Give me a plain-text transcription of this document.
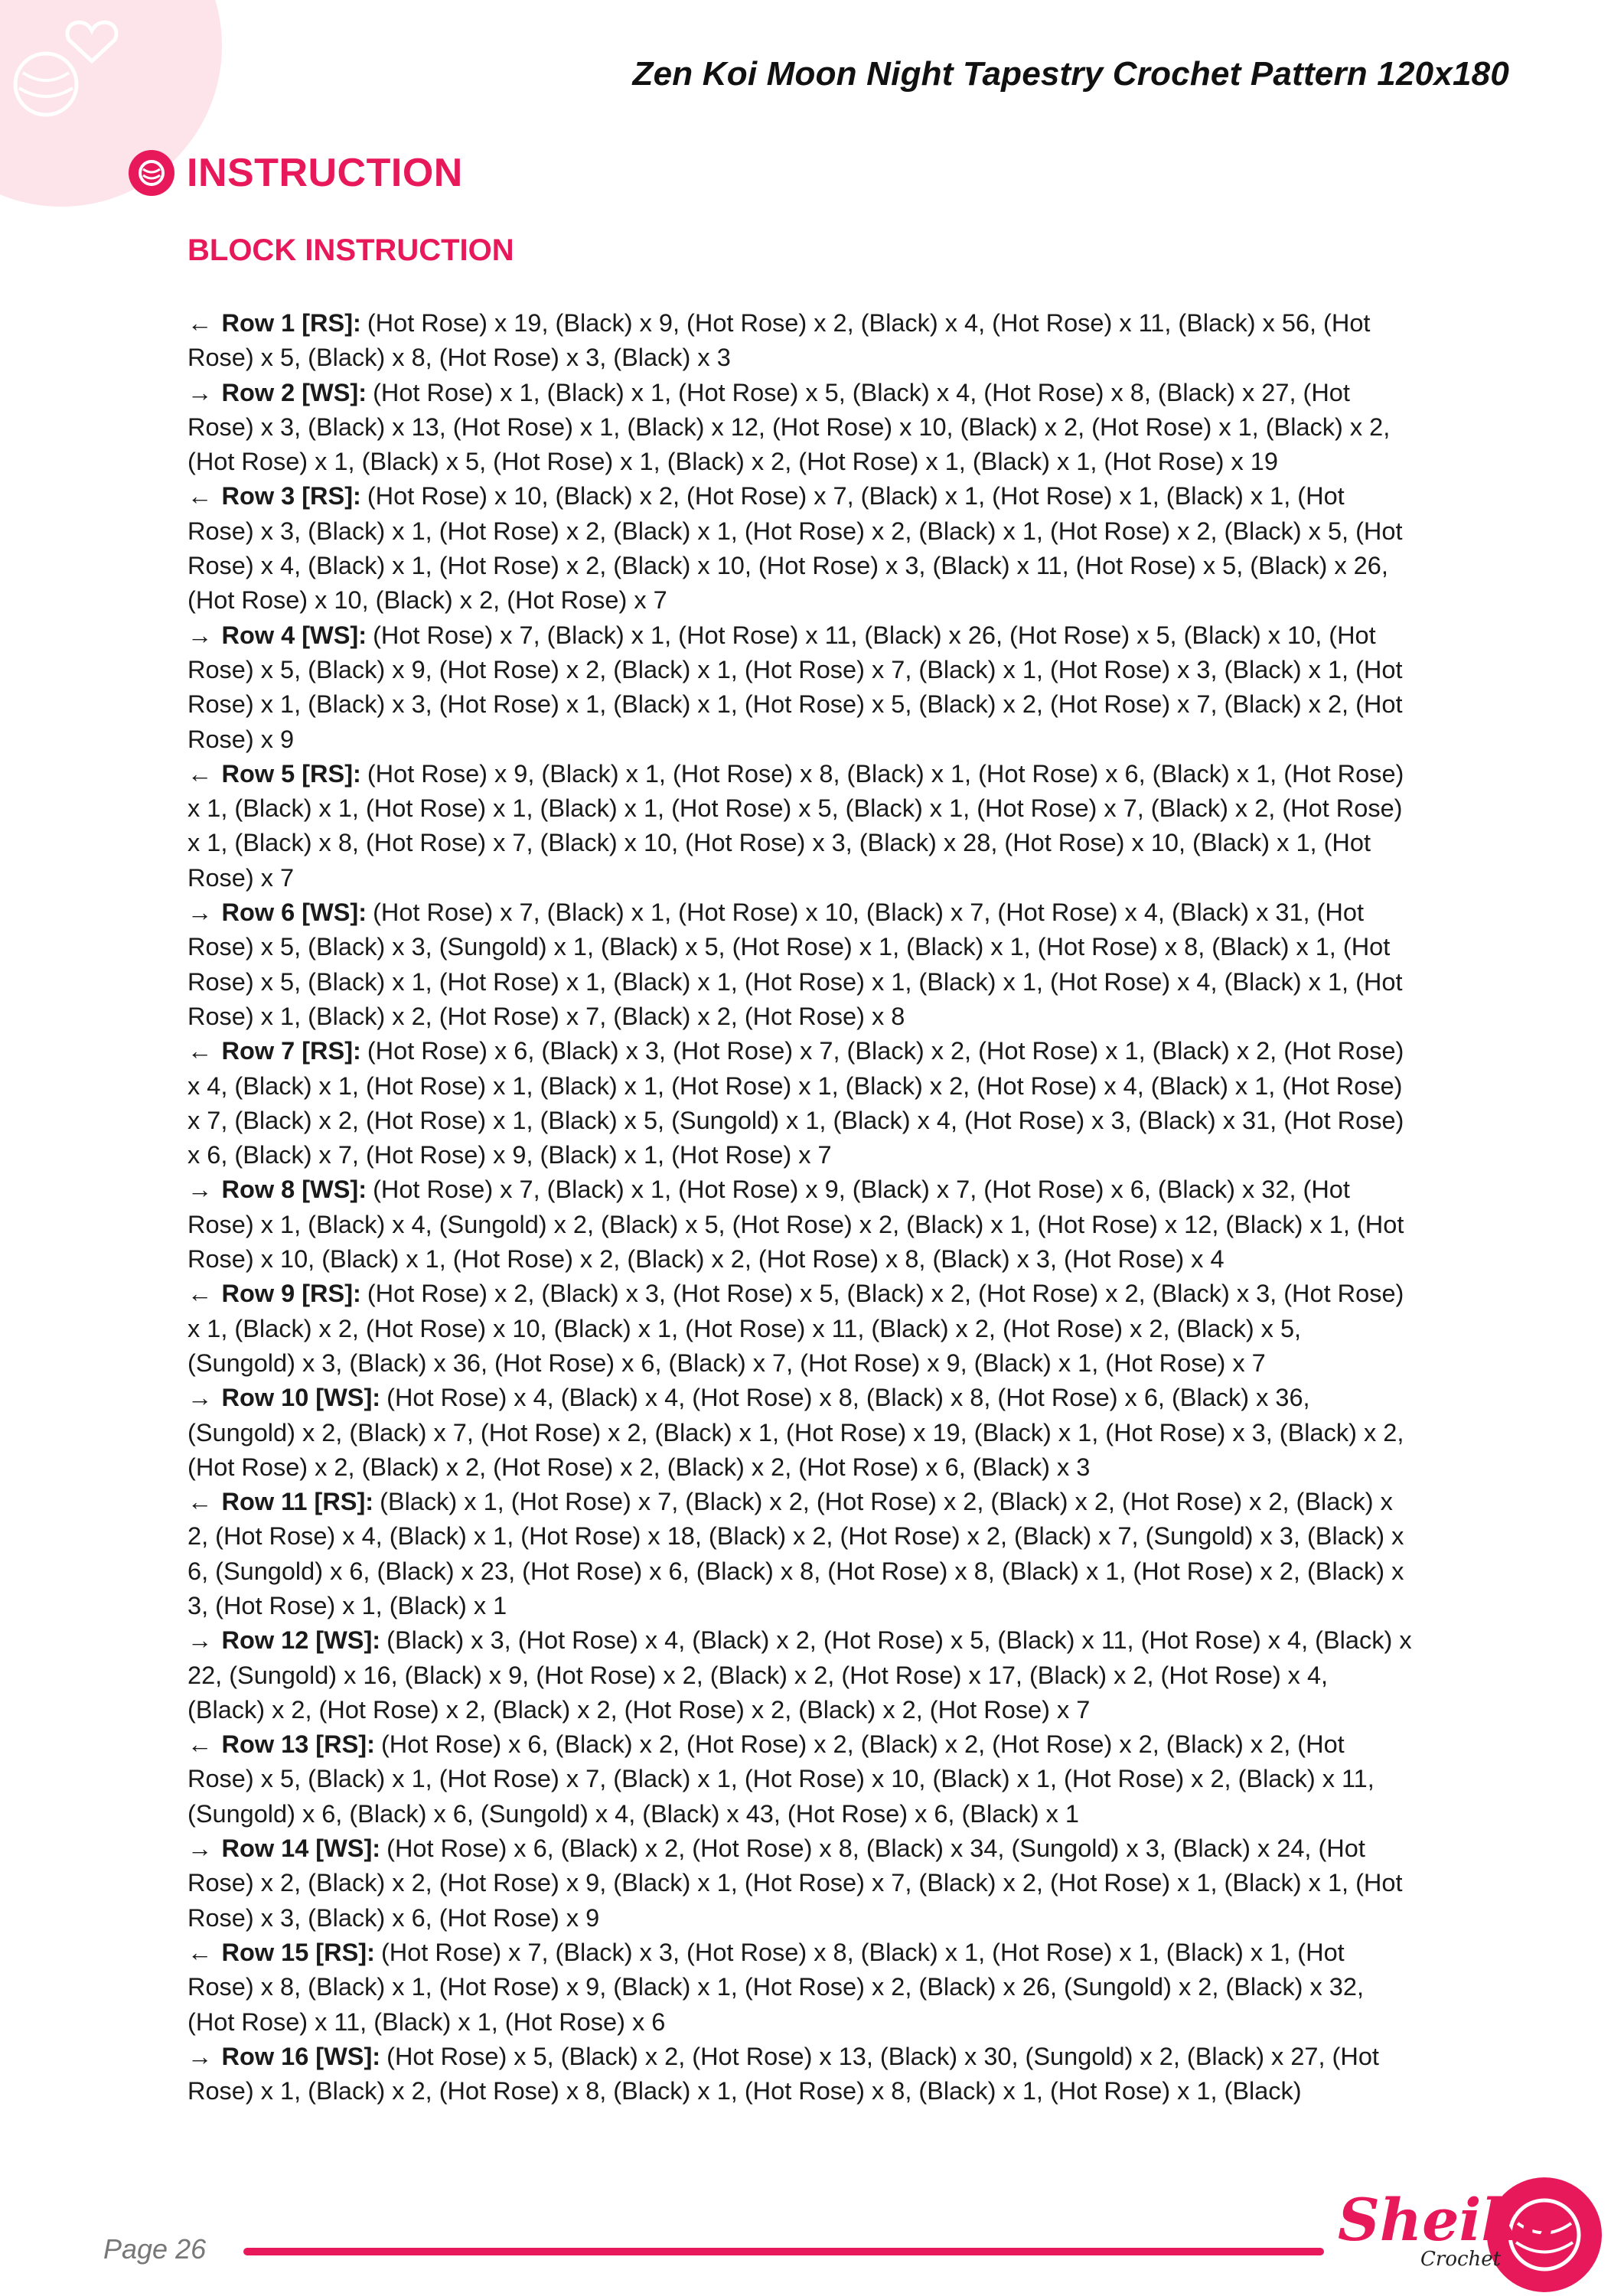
Zen Koi Moon Night Tapestry Crochet Pattern 120x180
INSTRUCTION
BLOCK INSTRUCTION

← Row 1 [RS]: (Hot Rose) x 19, (Black) x 9, (Hot Rose) x 2, (Black) x 4, (Hot Rose) x 11, (Black) x 56, (Hot Rose) x 5, (Black) x 8, (Hot Rose) x 3, (Black) x 3

→ Row 2 [WS]: (Hot Rose) x 1, (Black) x 1, (Hot Rose) x 5, (Black) x 4, (Hot Rose) x 8, (Black) x 27, (Hot Rose) x 3, (Black) x 13, (Hot Rose) x 1, (Black) x 12, (Hot Rose) x 10, (Black) x 2, (Hot Rose) x 1, (Black) x 2, (Hot Rose) x 1, (Black) x 5, (Hot Rose) x 1, (Black) x 2, (Hot Rose) x 1, (Black) x 1, (Hot Rose) x 19

← Row 3 [RS]: (Hot Rose) x 10, (Black) x 2, (Hot Rose) x 7, (Black) x 1, (Hot Rose) x 1, (Black) x 1, (Hot Rose) x 3, (Black) x 1, (Hot Rose) x 2, (Black) x 1, (Hot Rose) x 2, (Black) x 1, (Hot Rose) x 2, (Black) x 5, (Hot Rose) x 4, (Black) x 1, (Hot Rose) x 2, (Black) x 10, (Hot Rose) x 3, (Black) x 11, (Hot Rose) x 5, (Black) x 26, (Hot Rose) x 10, (Black) x 2, (Hot Rose) x 7

→ Row 4 [WS]: (Hot Rose) x 7, (Black) x 1, (Hot Rose) x 11, (Black) x 26, (Hot Rose) x 5, (Black) x 10, (Hot Rose) x 5, (Black) x 9, (Hot Rose) x 2, (Black) x 1, (Hot Rose) x 7, (Black) x 1, (Hot Rose) x 3, (Black) x 1, (Hot Rose) x 1, (Black) x 3, (Hot Rose) x 1, (Black) x 1, (Hot Rose) x 5, (Black) x 2, (Hot Rose) x 7, (Black) x 2, (Hot Rose) x 9

← Row 5 [RS]: (Hot Rose) x 9, (Black) x 1, (Hot Rose) x 8, (Black) x 1, (Hot Rose) x 6, (Black) x 1, (Hot Rose) x 1, (Black) x 1, (Hot Rose) x 1, (Black) x 1, (Hot Rose) x 5, (Black) x 1, (Hot Rose) x 7, (Black) x 2, (Hot Rose) x 1, (Black) x 8, (Hot Rose) x 7, (Black) x 10, (Hot Rose) x 3, (Black) x 28, (Hot Rose) x 10, (Black) x 1, (Hot Rose) x 7

→ Row 6 [WS]: (Hot Rose) x 7, (Black) x 1, (Hot Rose) x 10, (Black) x 7, (Hot Rose) x 4, (Black) x 31, (Hot Rose) x 5, (Black) x 3, (Sungold) x 1, (Black) x 5, (Hot Rose) x 1, (Black) x 1, (Hot Rose) x 8, (Black) x 1, (Hot Rose) x 5, (Black) x 1, (Hot Rose) x 1, (Black) x 1, (Hot Rose) x 1, (Black) x 1, (Hot Rose) x 4, (Black) x 1, (Hot Rose) x 1, (Black) x 2, (Hot Rose) x 7, (Black) x 2, (Hot Rose) x 8

← Row 7 [RS]: (Hot Rose) x 6, (Black) x 3, (Hot Rose) x 7, (Black) x 2, (Hot Rose) x 1, (Black) x 2, (Hot Rose) x 4, (Black) x 1, (Hot Rose) x 1, (Black) x 1, (Hot Rose) x 1, (Black) x 2, (Hot Rose) x 4, (Black) x 1, (Hot Rose) x 7, (Black) x 2, (Hot Rose) x 1, (Black) x 5, (Sungold) x 1, (Black) x 4, (Hot Rose) x 3, (Black) x 31, (Hot Rose) x 6, (Black) x 7, (Hot Rose) x 9, (Black) x 1, (Hot Rose) x 7

→ Row 8 [WS]: (Hot Rose) x 7, (Black) x 1, (Hot Rose) x 9, (Black) x 7, (Hot Rose) x 6, (Black) x 32, (Hot Rose) x 1, (Black) x 4, (Sungold) x 2, (Black) x 5, (Hot Rose) x 2, (Black) x 1, (Hot Rose) x 12, (Black) x 1, (Hot Rose) x 10, (Black) x 1, (Hot Rose) x 2, (Black) x 2, (Hot Rose) x 8, (Black) x 3, (Hot Rose) x 4

← Row 9 [RS]: (Hot Rose) x 2, (Black) x 3, (Hot Rose) x 5, (Black) x 2, (Hot Rose) x 2, (Black) x 3, (Hot Rose) x 1, (Black) x 2, (Hot Rose) x 10, (Black) x 1, (Hot Rose) x 11, (Black) x 2, (Hot Rose) x 2, (Black) x 5, (Sungold) x 3, (Black) x 36, (Hot Rose) x 6, (Black) x 7, (Hot Rose) x 9, (Black) x 1, (Hot Rose) x 7

→ Row 10 [WS]: (Hot Rose) x 4, (Black) x 4, (Hot Rose) x 8, (Black) x 8, (Hot Rose) x 6, (Black) x 36, (Sungold) x 2, (Black) x 7, (Hot Rose) x 2, (Black) x 1, (Hot Rose) x 19, (Black) x 1, (Hot Rose) x 3, (Black) x 2, (Hot Rose) x 2, (Black) x 2, (Hot Rose) x 2, (Black) x 2, (Hot Rose) x 6, (Black) x 3

← Row 11 [RS]: (Black) x 1, (Hot Rose) x 7, (Black) x 2, (Hot Rose) x 2, (Black) x 2, (Hot Rose) x 2, (Black) x 2, (Hot Rose) x 4, (Black) x 1, (Hot Rose) x 18, (Black) x 2, (Hot Rose) x 2, (Black) x 7, (Sungold) x 3, (Black) x 6, (Sungold) x 6, (Black) x 23, (Hot Rose) x 6, (Black) x 8, (Hot Rose) x 8, (Black) x 1, (Hot Rose) x 2, (Black) x 3, (Hot Rose) x 1, (Black) x 1

→ Row 12 [WS]: (Black) x 3, (Hot Rose) x 4, (Black) x 2, (Hot Rose) x 5, (Black) x 11, (Hot Rose) x 4, (Black) x 22, (Sungold) x 16, (Black) x 9, (Hot Rose) x 2, (Black) x 2, (Hot Rose) x 17, (Black) x 2, (Hot Rose) x 4, (Black) x 2, (Hot Rose) x 2, (Black) x 2, (Hot Rose) x 2, (Black) x 2, (Hot Rose) x 7

← Row 13 [RS]: (Hot Rose) x 6, (Black) x 2, (Hot Rose) x 2, (Black) x 2, (Hot Rose) x 2, (Black) x 2, (Hot Rose) x 5, (Black) x 1, (Hot Rose) x 7, (Black) x 1, (Hot Rose) x 10, (Black) x 1, (Hot Rose) x 2, (Black) x 11, (Sungold) x 6, (Black) x 6, (Sungold) x 4, (Black) x 43, (Hot Rose) x 6, (Black) x 1

→ Row 14 [WS]: (Hot Rose) x 6, (Black) x 2, (Hot Rose) x 8, (Black) x 34, (Sungold) x 3, (Black) x 24, (Hot Rose) x 2, (Black) x 2, (Hot Rose) x 9, (Black) x 1, (Hot Rose) x 7, (Black) x 2, (Hot Rose) x 1, (Black) x 1, (Hot Rose) x 3, (Black) x 6, (Hot Rose) x 9

← Row 15 [RS]: (Hot Rose) x 7, (Black) x 3, (Hot Rose) x 8, (Black) x 1, (Hot Rose) x 1, (Black) x 1, (Hot Rose) x 8, (Black) x 1, (Hot Rose) x 9, (Black) x 1, (Hot Rose) x 2, (Black) x 26, (Sungold) x 2, (Black) x 32, (Hot Rose) x 11, (Black) x 1, (Hot Rose) x 6

→ Row 16 [WS]: (Hot Rose) x 5, (Black) x 2, (Hot Rose) x 13, (Black) x 30, (Sungold) x 2, (Black) x 27, (Hot Rose) x 1, (Black) x 2, (Hot Rose) x 8, (Black) x 1, (Hot Rose) x 8, (Black) x 1, (Hot Rose) x 1, (Black)

Page 26	Sheika
Crochet
